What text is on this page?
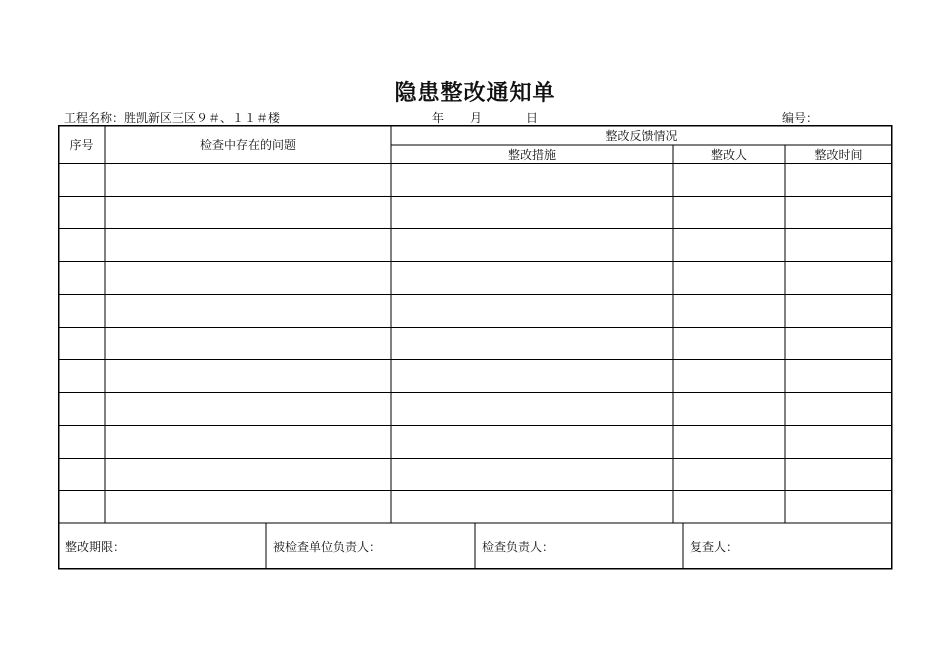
隐患整改通知单
工程名称：胜凯新区三区９＃、１１＃楼	年 月	日	编号：
序号	检查中存在的问题
整改反馈情况
整改措施	整改人	整改时间
整改期限：	被检查单位负责人：	检查负责人：	复查人：
